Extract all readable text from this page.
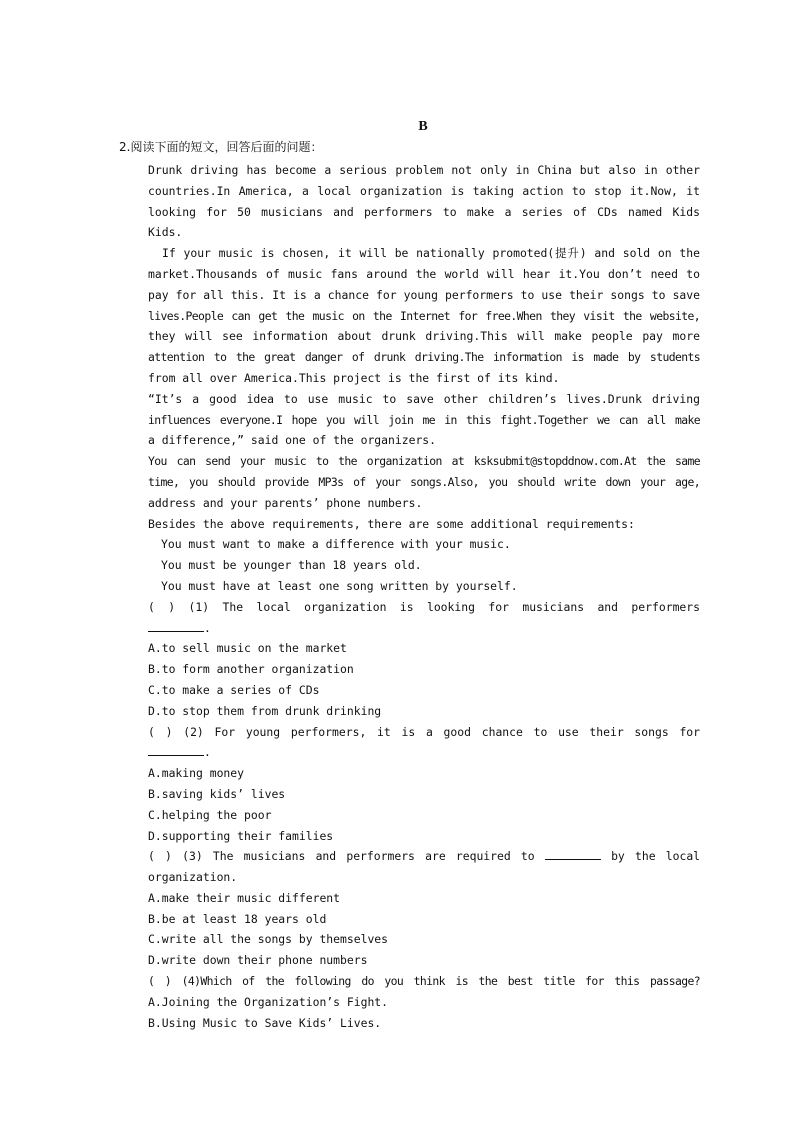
B
2.阅读下面的短文，回答后面的问题：
Drunk driving has become a serious problem not only in China but also in other
countries.In America, a local organization is taking action to stop it.Now, it
looking for 50 musicians and performers to make a series of CDs named Kids
Kids.
If your music is chosen, it will be nationally promoted(提升) and sold on the
market.Thousands of music fans around the world will hear it.You don’t need to
pay for all this. It is a chance for young performers to use their songs to save
lives.People can get the music on the Internet for free.When they visit the website,
they will see information about drunk driving.This will make people pay more
attention to the great danger of drunk driving.The information is made by students
from all over America.This project is the first of its kind.
“It’s a good idea to use music to save other children’s lives.Drunk driving
influences everyone.I hope you will join me in this fight.Together we can all make
a difference,” said one of the organizers.
You can send your music to the organization at ksksubmit@stopddnow.com.At the same
time, you should provide MP3s of your songs.Also, you should write down your age,
address and your parents’ phone numbers.
Besides the above requirements, there are some additional requirements:
You must want to make a difference with your music.
You must be younger than 18 years old.
You must have at least one song written by yourself.
( ) (1) The local organization is looking for musicians and performers
.
A.to sell music on the market
B.to form another organization
C.to make a series of CDs
D.to stop them from drunk drinking
( ) (2) For young performers, it is a good chance to use their songs for
.
A.making money
B.saving kids’ lives
C.helping the poor
D.supporting their families
( ) (3) The musicians and performers are required to	by the local
organization.
A.make their music different
B.be at least 18 years old
C.write all the songs by themselves
D.write down their phone numbers
( ) (4)Which of the following do you think is the best title for this passage?
A.Joining the Organization’s Fight.
B.Using Music to Save Kids’ Lives.
